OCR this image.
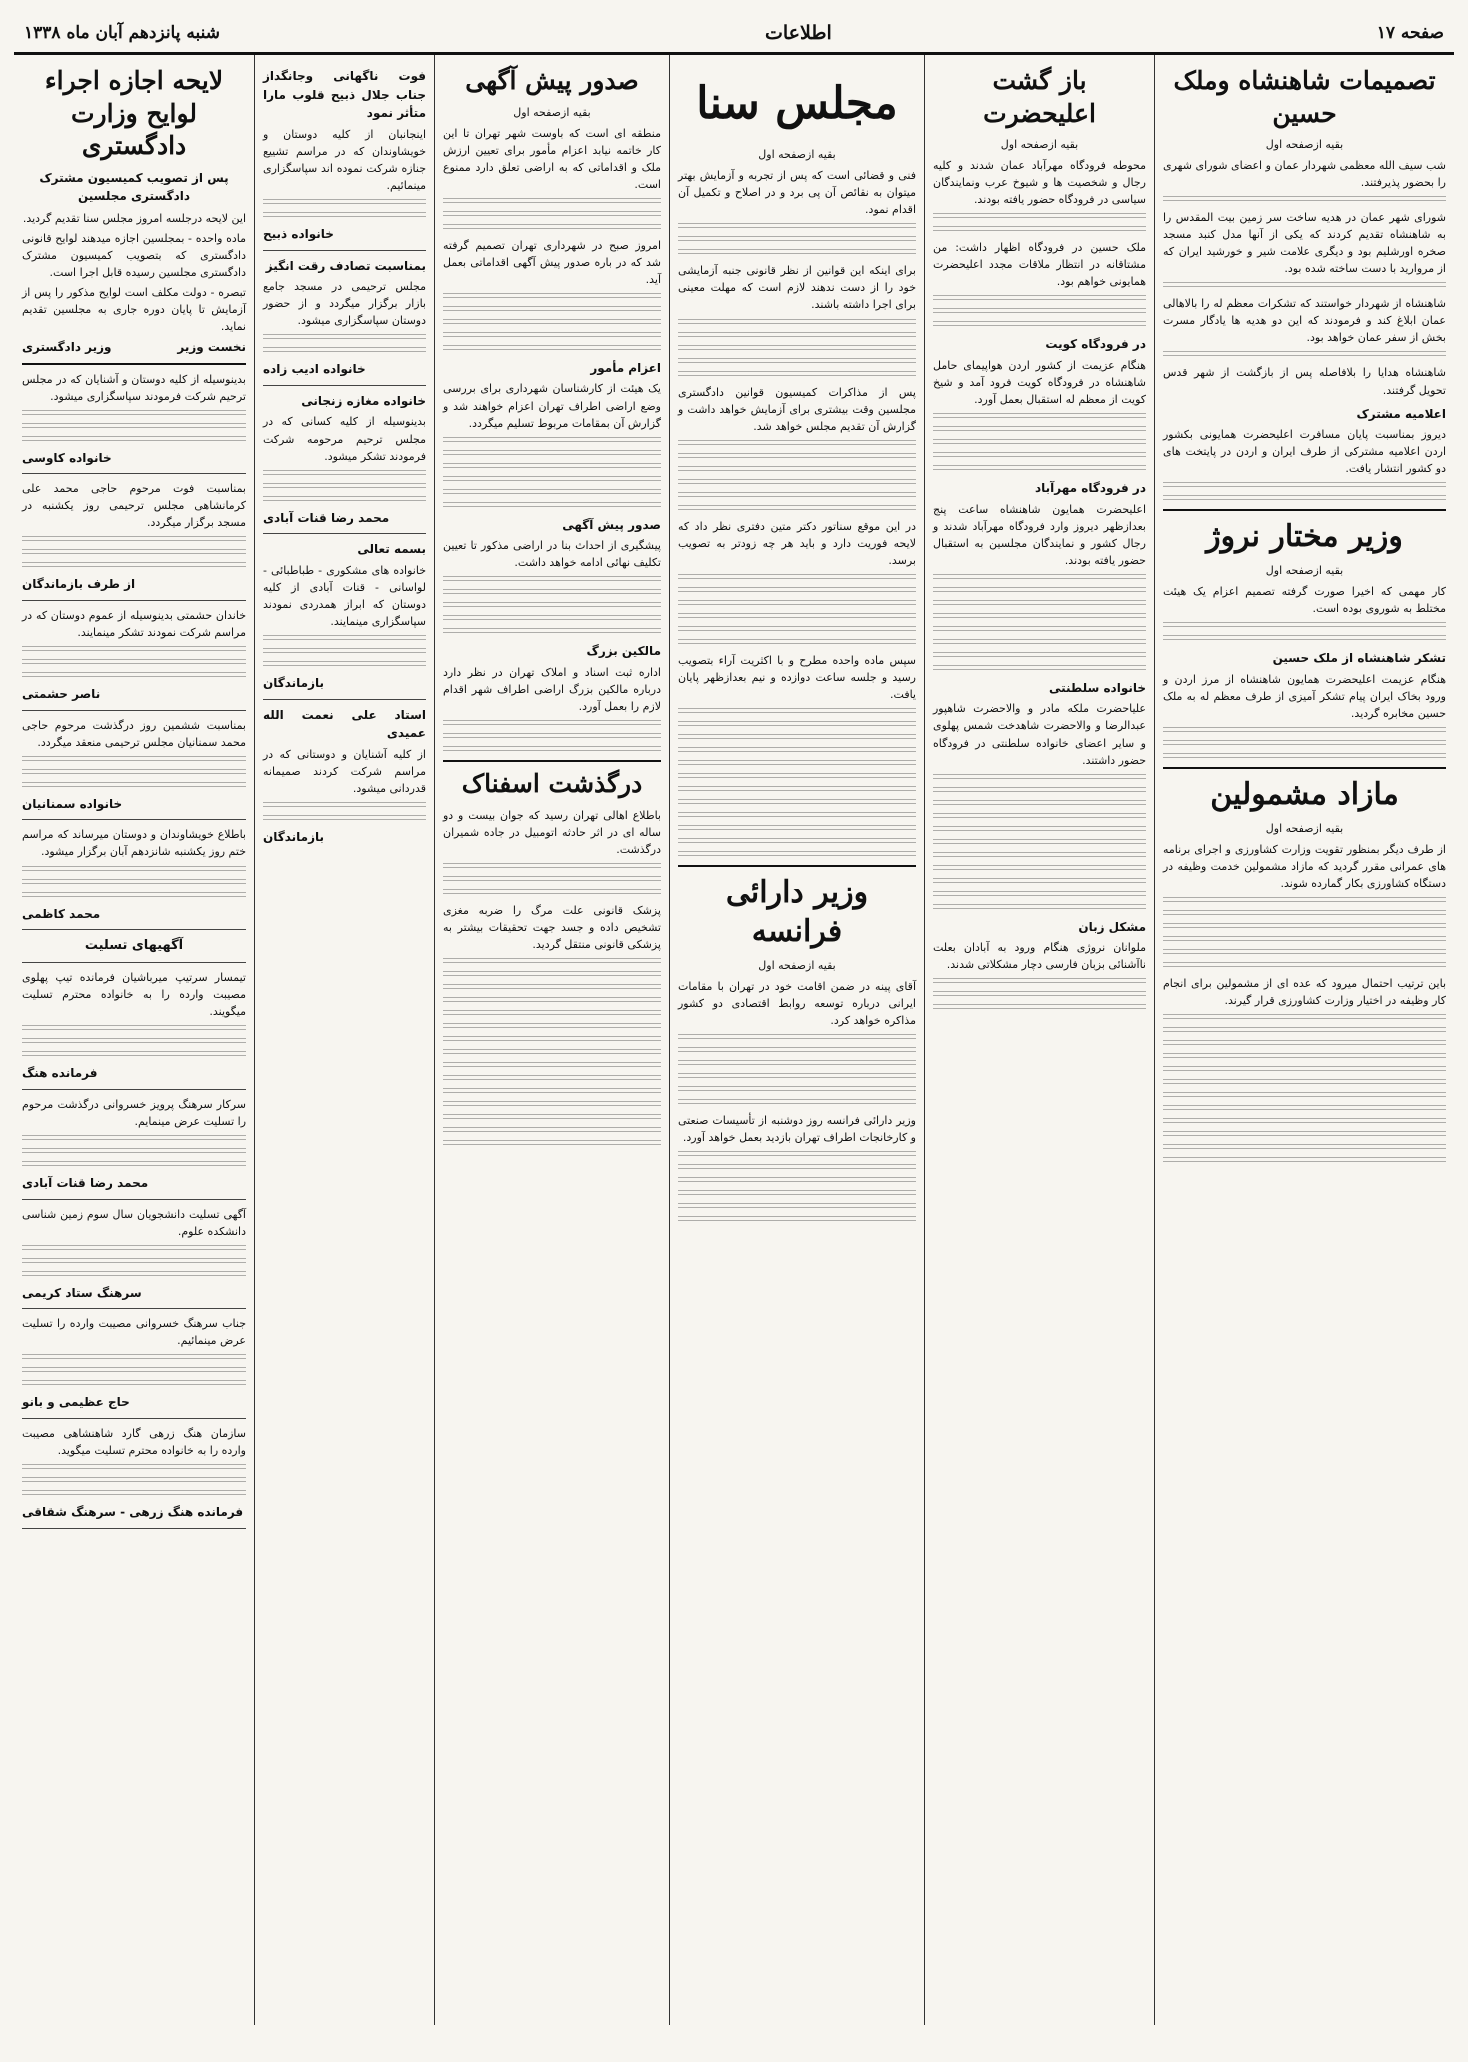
صفحه ۱۷
اطلاعات
شنبه پانزدهم آبان ماه ۱۳۳۸
تصمیمات شاهنشاه وملک حسین
بقیه ازصفحه اول
شب سیف الله معظمی شهردار عمان و اعضای شورای شهری را بحضور پذیرفتند.
شورای شهر عمان در هدیه ساخت سر زمین بیت المقدس را به شاهنشاه تقدیم کردند که یکی از آنها مدل کنبد مسجد صخره اورشلیم بود و دیگری علامت شیر و خورشید ایران که از مروارید با دست ساخته شده بود.
شاهنشاه از شهردار خواستند که تشکرات معظم له را بالاهالی عمان ابلاغ کند و فرمودند که این دو هدیه ها یادگار مسرت بخش از سفر عمان خواهد بود.
شاهنشاه هدایا را بلافاصله پس از بازگشت از شهر قدس تحویل گرفتند.
اعلامیه مشترک
دیروز بمناسبت پایان مسافرت اعلیحضرت همایونی بکشور اردن اعلامیه مشترکی از طرف ایران و اردن در پایتخت های دو کشور انتشار یافت.
وزیر مختار نروژ
بقیه ازصفحه اول
کار مهمی که اخیرا صورت گرفته تصمیم اعزام یک هیئت مختلط به شوروی بوده است.
تشکر شاهنشاه از ملک حسین
هنگام عزیمت اعلیحضرت همایون شاهنشاه از مرز اردن و ورود بخاک ایران پیام تشکر آمیزی از طرف معظم له به ملک حسین مخابره گردید.
مازاد مشمولین
بقیه ازصفحه اول
از طرف دیگر بمنظور تقویت وزارت کشاورزی و اجرای برنامه های عمرانی مقرر گردید که مازاد مشمولین خدمت وظیفه در دستگاه کشاورزی بکار گمارده شوند.
باین ترتیب احتمال میرود که عده ای از مشمولین برای انجام کار وظیفه در اختیار وزارت کشاورزی قرار گیرند.
باز گشت اعلیحضرت
بقیه ازصفحه اول
محوطه فرودگاه مهرآباد عمان شدند و کلیه رجال و شخصیت ها و شیوخ عرب ونمایندگان سیاسی در فرودگاه حضور یافته بودند.
ملک حسین در فرودگاه اظهار داشت: من مشتاقانه در انتظار ملاقات مجدد اعلیحضرت همایونی خواهم بود.
در فرودگاه کویت
هنگام عزیمت از کشور اردن هواپیمای حامل شاهنشاه در فرودگاه کویت فرود آمد و شیخ کویت از معظم له استقبال بعمل آورد.
در فرودگاه مهرآباد
اعلیحضرت همایون شاهنشاه ساعت پنج بعدازظهر دیروز وارد فرودگاه مهرآباد شدند و رجال کشور و نمایندگان مجلسین به استقبال حضور یافته بودند.
خانواده سلطنتی
علیاحضرت ملکه مادر و والاحضرت شاهپور عبدالرضا و والاحضرت شاهدخت شمس پهلوی و سایر اعضای خانواده سلطنتی در فرودگاه حضور داشتند.
مشکل زبان
ملوانان نروژی هنگام ورود به آبادان بعلت ناآشنائی بزبان فارسی دچار مشکلاتی شدند.
مجلس سنا
بقیه ازصفحه اول
فنی و قضائی است که پس از تجربه و آزمایش بهتر میتوان به نقائص آن پی برد و در اصلاح و تکمیل آن اقدام نمود.
برای اینکه این قوانین از نظر قانونی جنبه آزمایشی خود را از دست ندهند لازم است که مهلت معینی برای اجرا داشته باشند.
پس از مذاکرات کمیسیون قوانین دادگستری مجلسین وقت بیشتری برای آزمایش خواهد داشت و گزارش آن تقدیم مجلس خواهد شد.
در این موقع سناتور دکتر متین دفتری نظر داد که لایحه فوریت دارد و باید هر چه زودتر به تصویب برسد.
سپس ماده واحده مطرح و با اکثریت آراء بتصویب رسید و جلسه ساعت دوازده و نیم بعدازظهر پایان یافت.
وزیر دارائی فرانسه
بقیه ازصفحه اول
آقای پینه در ضمن اقامت خود در تهران با مقامات ایرانی درباره توسعه روابط اقتصادی دو کشور مذاکره خواهد کرد.
وزیر دارائی فرانسه روز دوشنبه از تأسیسات صنعتی و کارخانجات اطراف تهران بازدید بعمل خواهد آورد.
صدور پیش آگهی
بقیه ازصفحه اول
منطقه ای است که باوست شهر تهران تا این کار خاتمه نیابد اعزام مأمور برای تعیین ارزش ملک و اقداماتی که به اراضی تعلق دارد ممنوع است.
امروز صبح در شهرداری تهران تصمیم گرفته شد که در باره صدور پیش آگهی اقداماتی بعمل آید.
اعزام مأمور
یک هیئت از کارشناسان شهرداری برای بررسی وضع اراضی اطراف تهران اعزام خواهند شد و گزارش آن بمقامات مربوط تسلیم میگردد.
صدور پیش آگهی
پیشگیری از احداث بنا در اراضی مذکور تا تعیین تکلیف نهائی ادامه خواهد داشت.
مالکین بزرگ
اداره ثبت اسناد و املاک تهران در نظر دارد درباره مالکین بزرگ اراضی اطراف شهر اقدام لازم را بعمل آورد.
درگذشت اسفناک
باطلاع اهالی تهران رسید که جوان بیست و دو ساله ای در اثر حادثه اتومبیل در جاده شمیران درگذشت.
پزشک قانونی علت مرگ را ضربه مغزی تشخیص داده و جسد جهت تحقیقات بیشتر به پزشکی قانونی منتقل گردید.
فوت ناگهانی وجانگداز جناب جلال ذبیح قلوب مارا متأثر نمود
اینجانبان از کلیه دوستان و خویشاوندان که در مراسم تشییع جنازه شرکت نموده اند سپاسگزاری مینمائیم.
خانواده ذبیح
بمناسبت تصادف رقت انگیز
مجلس ترحیمی در مسجد جامع بازار برگزار میگردد و از حضور دوستان سپاسگزاری میشود.
خانواده ادیب زاده
خانواده مغازه زنجانی
بدینوسیله از کلیه کسانی که در مجلس ترحیم مرحومه شرکت فرمودند تشکر میشود.
محمد رضا قنات آبادی
بسمه تعالی
خانواده های مشکوری - طباطبائی - لواسانی - قنات آبادی از کلیه دوستان که ابراز همدردی نمودند سپاسگزاری مینمایند.
بازماندگان
استاد علی نعمت الله عمیدی
از کلیه آشنایان و دوستانی که در مراسم شرکت کردند صمیمانه قدردانی میشود.
بازماندگان
لایحه اجازه اجراء لوایح وزارت دادگستری
پس از تصویب کمیسیون مشترک دادگستری مجلسین
این لایحه درجلسه امروز مجلس سنا تقدیم گردید.
ماده واحده - بمجلسین اجازه میدهند لوایح قانونی دادگستری که بتصویب کمیسیون مشترک دادگستری مجلسین رسیده قابل اجرا است.
تبصره - دولت مکلف است لوایح مذکور را پس از آزمایش تا پایان دوره جاری به مجلسین تقدیم نماید.
نخست وزیر
وزیر دادگستری
بدینوسیله از کلیه دوستان و آشنایان که در مجلس ترحیم شرکت فرمودند سپاسگزاری میشود.
خانواده کاوسی
بمناسبت فوت مرحوم حاجی محمد علی کرمانشاهی مجلس ترحیمی روز یکشنبه در مسجد برگزار میگردد.
از طرف بازماندگان
خاندان حشمتی بدینوسیله از عموم دوستان که در مراسم شرکت نمودند تشکر مینمایند.
ناصر حشمتی
بمناسبت ششمین روز درگذشت مرحوم حاجی محمد سمنانیان مجلس ترحیمی منعقد میگردد.
خانواده سمنانیان
باطلاع خویشاوندان و دوستان میرساند که مراسم ختم روز یکشنبه شانزدهم آبان برگزار میشود.
محمد کاظمی
آگهیهای تسلیت
تیمسار سرتیپ میرباشیان فرمانده تیپ پهلوی مصیبت وارده را به خانواده محترم تسلیت میگویند.
فرمانده هنگ
سرکار سرهنگ پرویز خسروانی درگذشت مرحوم را تسلیت عرض مینمایم.
محمد رضا قنات آبادی
آگهی تسلیت دانشجویان سال سوم زمین شناسی دانشکده علوم.
سرهنگ ستاد کریمی
جناب سرهنگ خسروانی مصیبت وارده را تسلیت عرض مینمائیم.
حاج عظیمی و بانو
سازمان هنگ زرهی گارد شاهنشاهی مصیبت وارده را به خانواده محترم تسلیت میگوید.
فرمانده هنگ زرهی - سرهنگ شقاقی
